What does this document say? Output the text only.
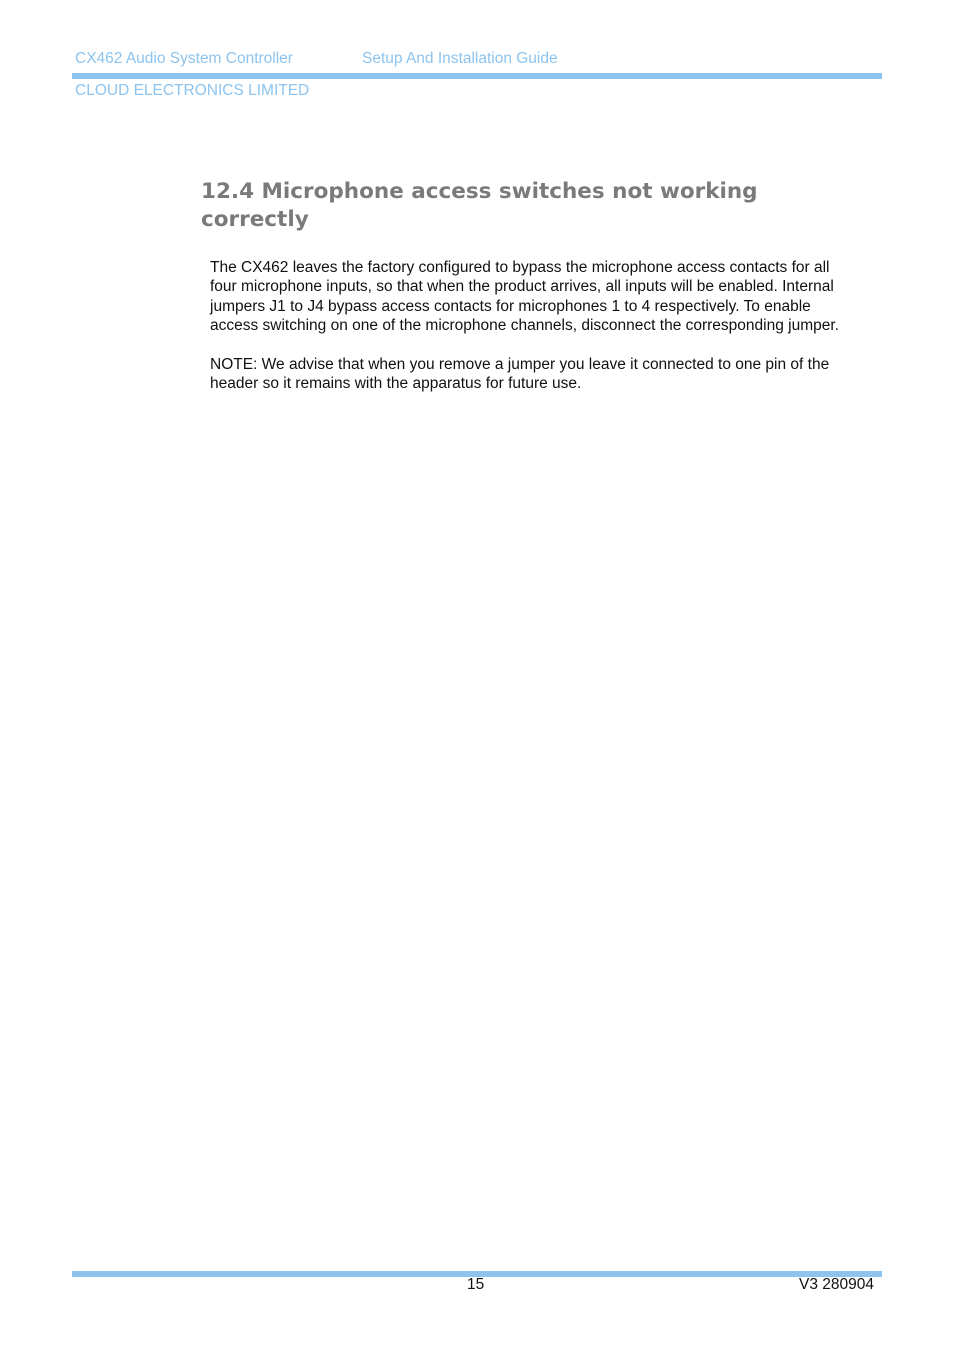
CX462 Audio System Controller	Setup And Installation Guide
CLOUD ELECTRONICS LIMITED
12.4 Microphone access switches not working
correctly

The CX462 leaves the factory configured to bypass the microphone access contacts for all
four microphone inputs, so that when the product arrives, all inputs will be enabled. Internal
jumpers J1 to J4 bypass access contacts for microphones 1 to 4 respectively. To enable
access switching on one of the microphone channels, disconnect the corresponding jumper.

NOTE: We advise that when you remove a jumper you leave it connected to one pin of the
header so it remains with the apparatus for future use.

15	V3 280904
